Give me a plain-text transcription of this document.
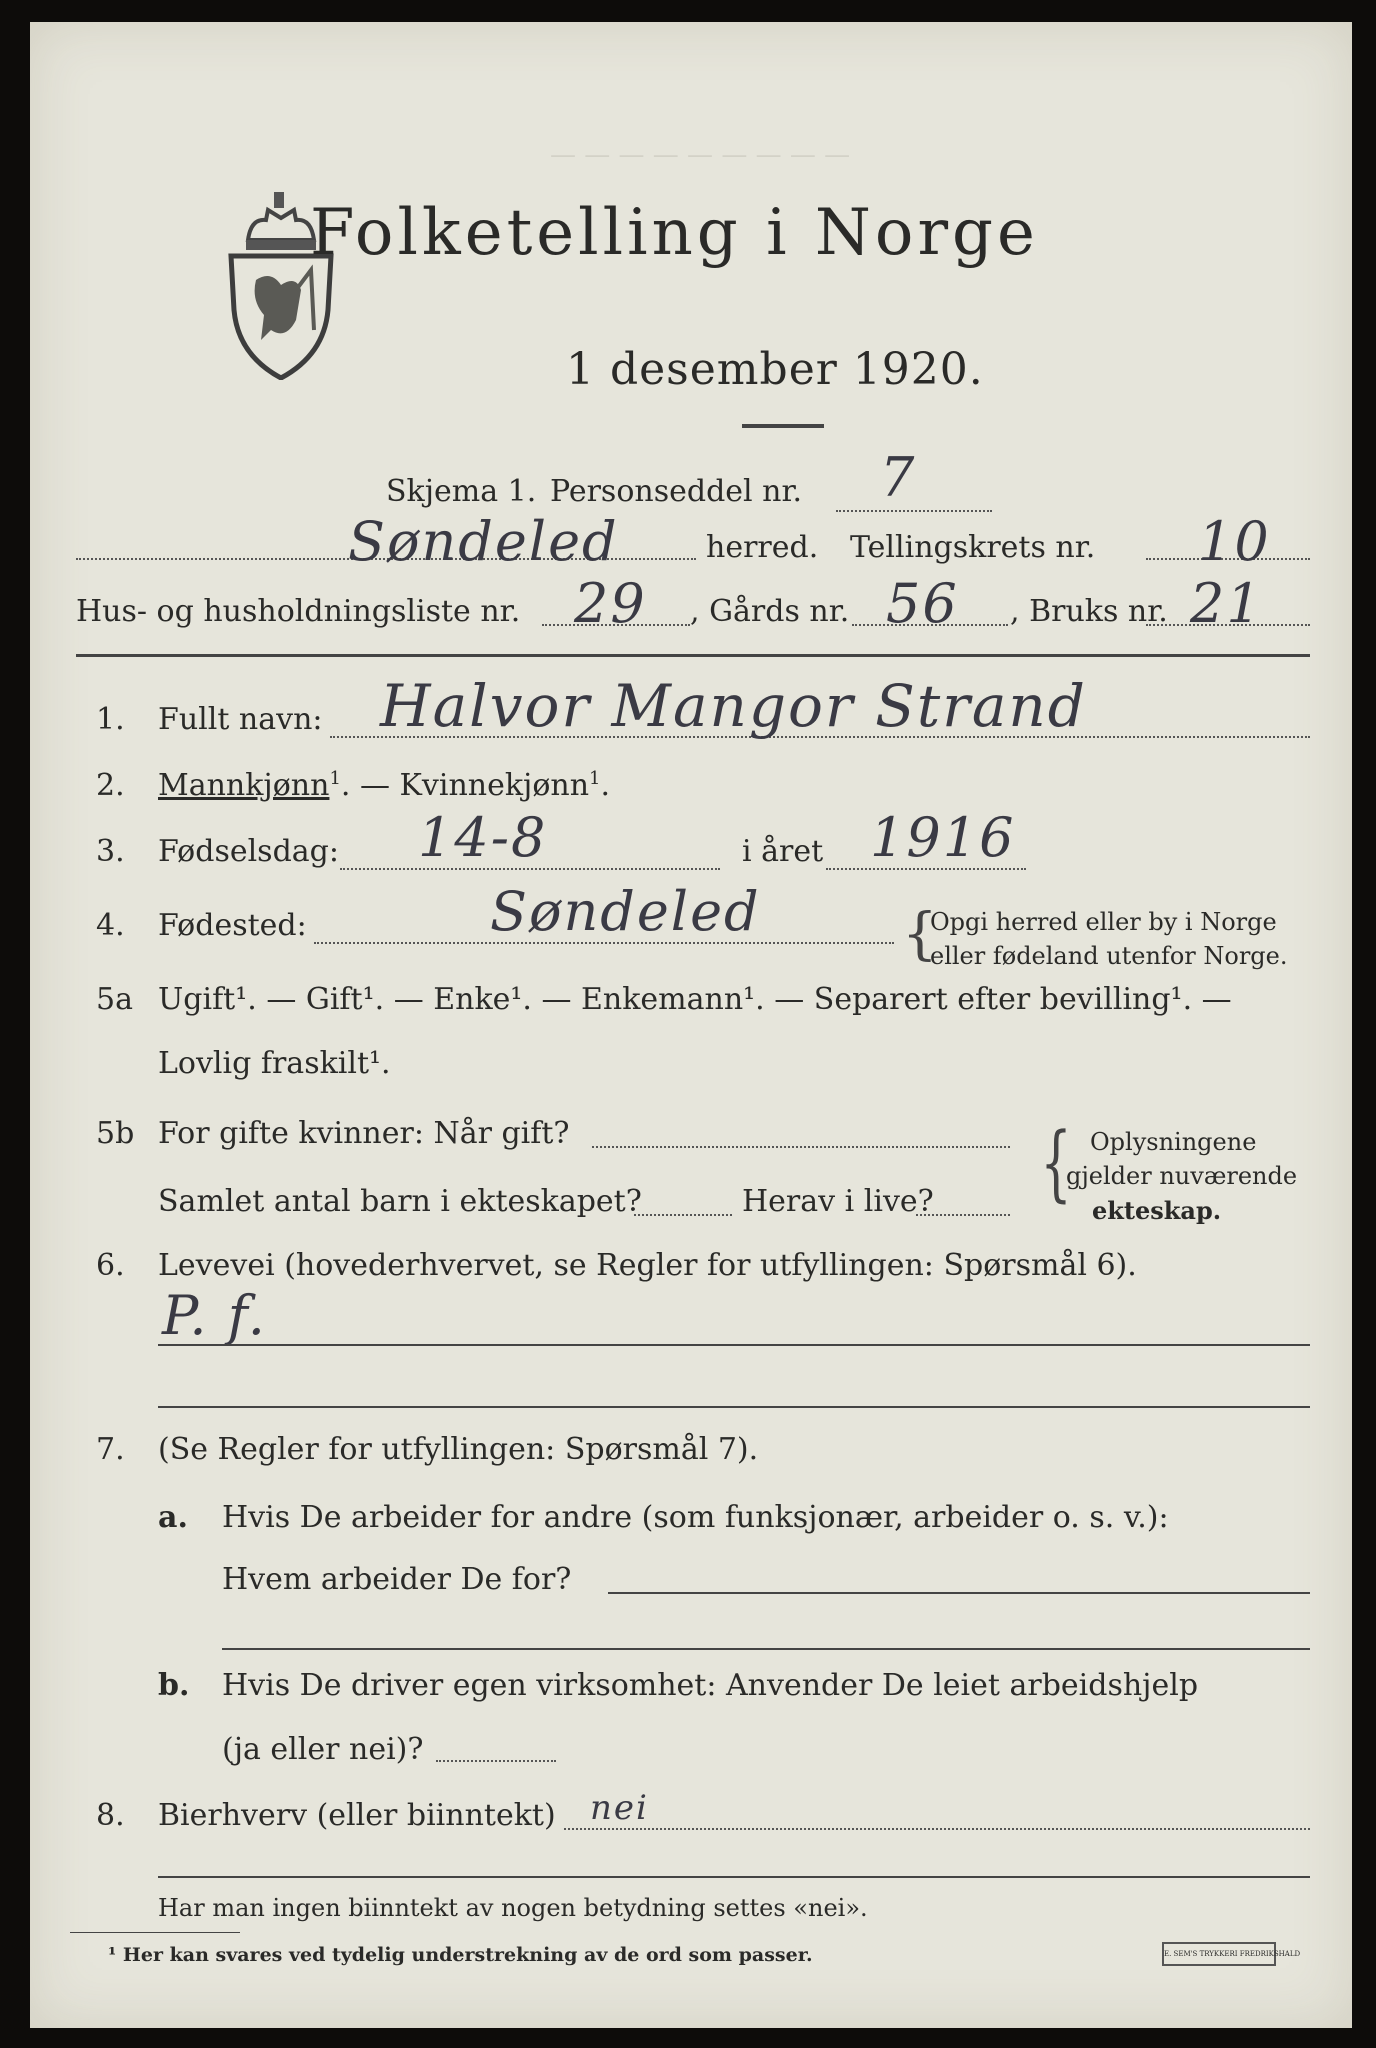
— — — — — — — — —
Folketelling i Norge
1 desember 1920.
Skjema 1. Personseddel nr. 7
Søndeled	herred. Tellingskrets nr. 10
Hus- og husholdningsliste nr. 29 , Gårds nr. 56 , Bruks nr. 21
1. Fullt navn: Halvor Mangor Strand
2. Mannkjønn$^1$. — Kvinnekjønn$^1$.
3. Fødselsdag: 14-8	i året 1916
4. Fødested:	Søndeled	{
Opgi herred eller by i Norge
eller fødeland utenfor Norge.
5a Ugift¹. — Gift¹. — Enke¹. — Enkemann¹. — Separert efter bevilling¹. —
Lovlig fraskilt¹.
5b For gifte kvinner: Når gift?
Samlet antal barn i ekteskapet?	Herav i live? { Oplysningene
gjelder nuværende
ekteskap.
6. Levevei (hovederhvervet, se Regler for utfyllingen: Spørsmål 6).
P. f.
7. (Se Regler for utfyllingen: Spørsmål 7).
a. Hvis De arbeider for andre (som funksjonær, arbeider o. s. v.):
Hvem arbeider De for?
b. Hvis De driver egen virksomhet: Anvender De leiet arbeidshjelp
(ja eller nei)?
8. Bierhverv (eller biinntekt) nei
Har man ingen biinntekt av nogen betydning settes «nei».
¹ Her kan svares ved tydelig understrekning av de ord som passer.	E. SEM'S TRYKKERI FREDRIKSHALD
